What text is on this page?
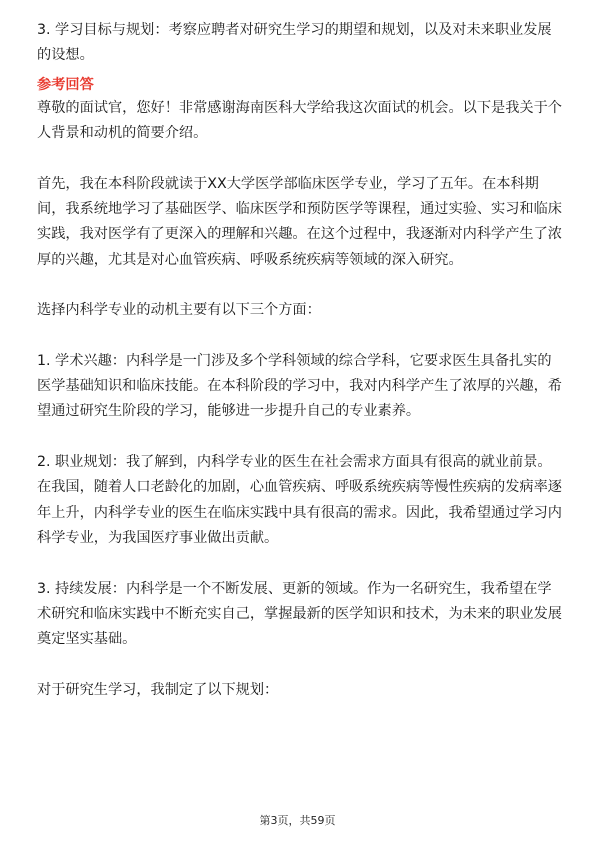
3. 学习目标与规划：考察应聘者对研究生学习的期望和规划，以及对未来职业发展的设想。

参考回答

尊敬的面试官，您好！非常感谢海南医科大学给我这次面试的机会。以下是我关于个人背景和动机的简要介绍。

首先，我在本科阶段就读于XX大学医学部临床医学专业，学习了五年。在本科期间，我系统地学习了基础医学、临床医学和预防医学等课程，通过实验、实习和临床实践，我对医学有了更深入的理解和兴趣。在这个过程中，我逐渐对内科学产生了浓厚的兴趣，尤其是对心血管疾病、呼吸系统疾病等领域的深入研究。

选择内科学专业的动机主要有以下三个方面：

1. 学术兴趣：内科学是一门涉及多个学科领域的综合学科，它要求医生具备扎实的医学基础知识和临床技能。在本科阶段的学习中，我对内科学产生了浓厚的兴趣，希望通过研究生阶段的学习，能够进一步提升自己的专业素养。

2. 职业规划：我了解到，内科学专业的医生在社会需求方面具有很高的就业前景。在我国，随着人口老龄化的加剧，心血管疾病、呼吸系统疾病等慢性疾病的发病率逐年上升，内科学专业的医生在临床实践中具有很高的需求。因此，我希望通过学习内科学专业，为我国医疗事业做出贡献。

3. 持续发展：内科学是一个不断发展、更新的领域。作为一名研究生，我希望在学术研究和临床实践中不断充实自己，掌握最新的医学知识和技术，为未来的职业发展奠定坚实基础。

对于研究生学习，我制定了以下规划：

第3页，共59页
